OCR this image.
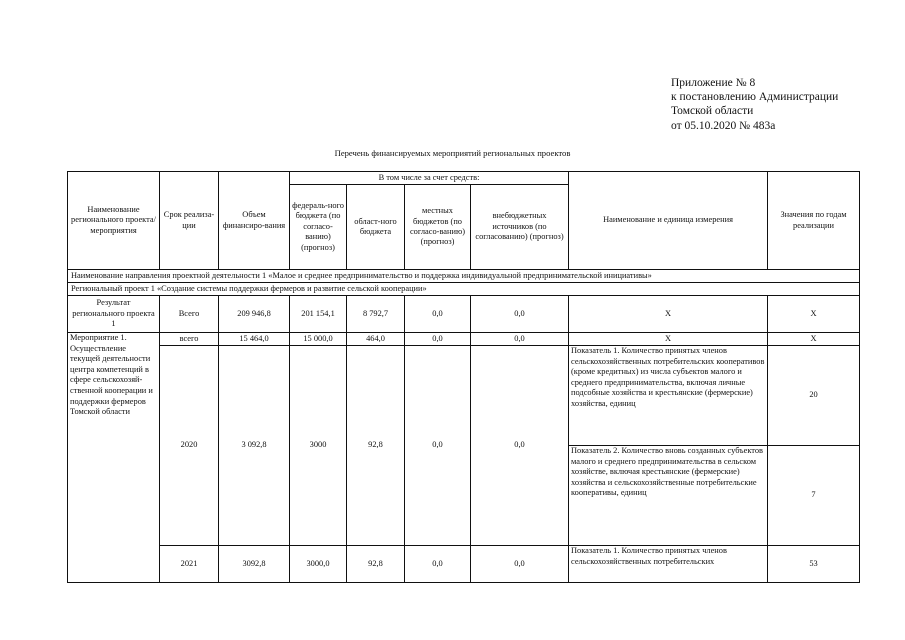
Приложение № 8
к постановлению Администрации
Томской области
от 05.10.2020 № 483а
Перечень финансируемых мероприятий региональных проектов
Наименование регионального проекта/ мероприятия	Срок реализа-ции	Объем финансиро-вания	В том числе за счет средств:				Наименование и единица измерения	Значения по годам реализации
			федераль-ного бюджета (по согласо-ванию) (прогноз)	област-ного бюджета	местных бюджетов (по согласо-ванию) (прогноз)	внебюджетных источников (по согласованию) (прогноз)		
Наименование направления проектной деятельности 1 «Малое и среднее предпринимательство и поддержка индивидуальной предпринимательской инициативы»								
Региональный проект 1 «Создание системы поддержки фермеров и развитие сельской кооперации»								
Результат регионального проекта 1	Всего	209 946,8	201 154,1	8 792,7	0,0	0,0	Х	Х
Мероприятие 1. Осуществление текущей деятельности центра компетенций в сфере сельскохозяй-ственной кооперации и поддержки фермеров Томской области	всего	15 464,0	15 000,0	464,0	0,0	0,0	Х	Х
	2020	3 092,8	3000	92,8	0,0	0,0	Показатель 1. Количество принятых членов сельскохозяйственных потребительских кооперативов (кроме кредитных) из числа субъектов малого и среднего предпринимательства, включая личные подсобные хозяйства и крестьянские (фермерские) хозяйства, единиц	20
							Показатель 2. Количество вновь созданных субъектов малого и среднего предпринимательства в сельском хозяйстве, включая крестьянские (фермерские) хозяйства и сельскохозяйственные потребительские кооперативы, единиц	7
	2021	3092,8	3000,0	92,8	0,0	0,0	Показатель 1. Количество принятых членов сельскохозяйственных потребительских	53
